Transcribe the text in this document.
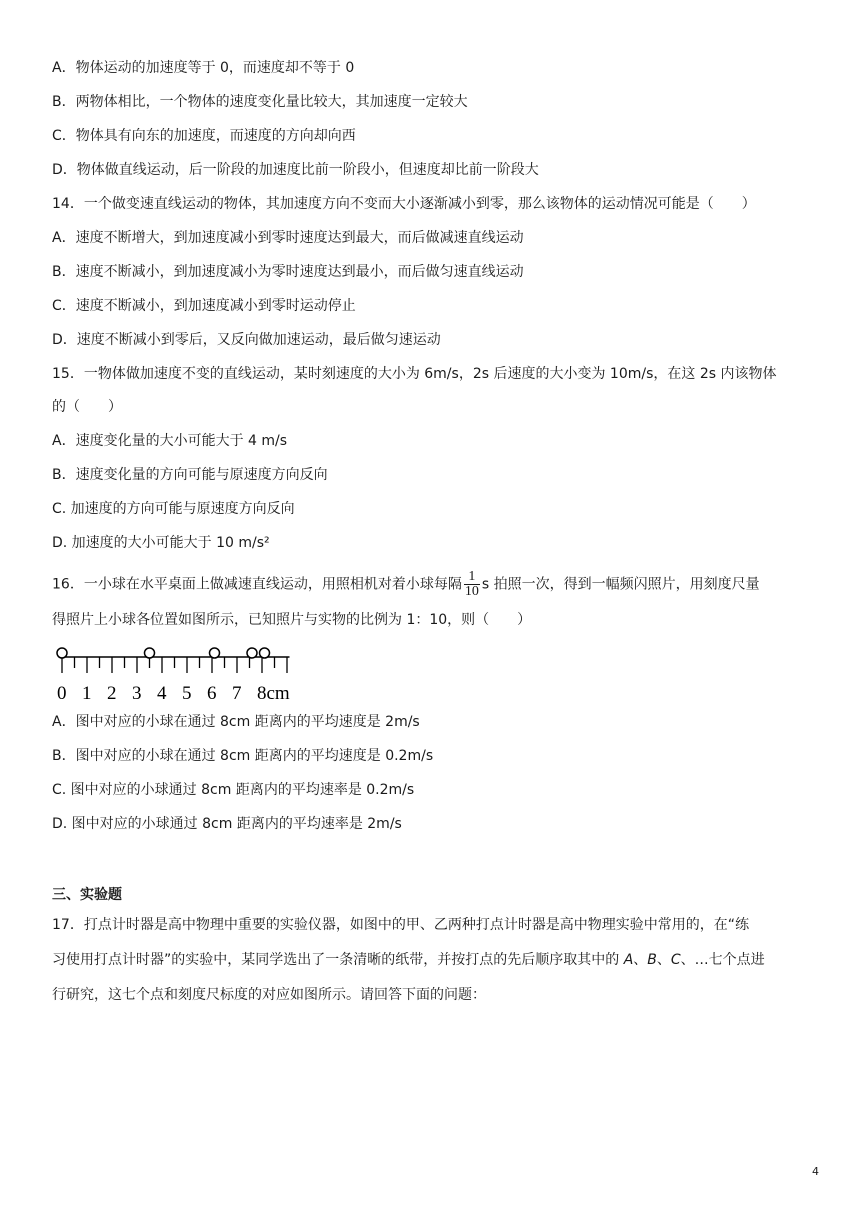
A．物体运动的加速度等于 0，而速度却不等于 0
B．两物体相比，一个物体的速度变化量比较大，其加速度一定较大
C．物体具有向东的加速度，而速度的方向却向西
D．物体做直线运动，后一阶段的加速度比前一阶段小，但速度却比前一阶段大
14．一个做变速直线运动的物体，其加速度方向不变而大小逐渐减小到零，那么该物体的运动情况可能是（　　）
A．速度不断增大，到加速度减小到零时速度达到最大，而后做减速直线运动
B．速度不断减小，到加速度减小为零时速度达到最小，而后做匀速直线运动
C．速度不断减小，到加速度减小到零时运动停止
D．速度不断减小到零后，又反向做加速运动，最后做匀速运动
15．一物体做加速度不变的直线运动，某时刻速度的大小为 6m/s，2s 后速度的大小变为 10m/s，在这 2s 内该物体
的（　　）
A．速度变化量的大小可能大于 4 m/s
B．速度变化量的方向可能与原速度方向反向
C. 加速度的方向可能与原速度方向反向
D. 加速度的大小可能大于 10 m/s²
16．一小球在水平桌面上做减速直线运动，用照相机对着小球每隔 $\frac{1}{10}$ s 拍照一次，得到一幅频闪照片，用刻度尺量
得照片上小球各位置如图所示，已知照片与实物的比例为 1：10，则（　　）
0 1 2 3 4 5 6 7 8cm
A．图中对应的小球在通过 8cm 距离内的平均速度是 2m/s
B．图中对应的小球在通过 8cm 距离内的平均速度是 0.2m/s
C. 图中对应的小球通过 8cm 距离内的平均速率是 0.2m/s
D. 图中对应的小球通过 8cm 距离内的平均速率是 2m/s
三、实验题
17．打点计时器是高中物理中重要的实验仪器，如图中的甲、乙两种打点计时器是高中物理实验中常用的，在“练
习使用打点计时器”的实验中，某同学选出了一条清晰的纸带，并按打点的先后顺序取其中的 A、B、C、…七个点进
行研究，这七个点和刻度尺标度的对应如图所示。请回答下面的问题：
4
